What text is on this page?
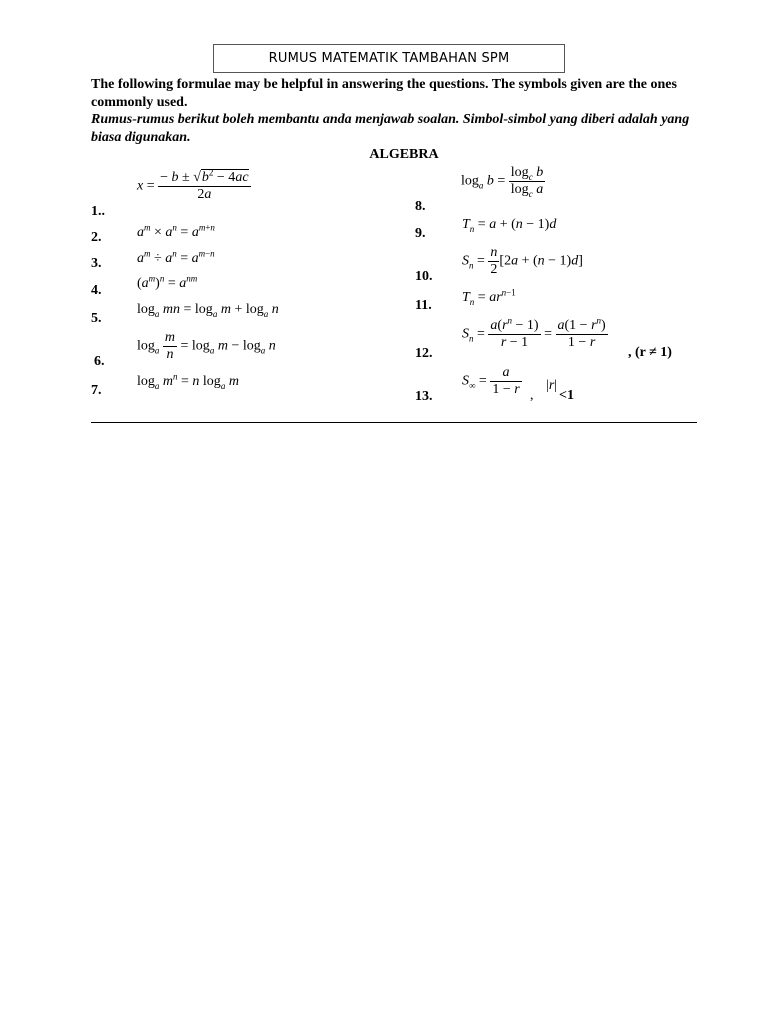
RUMUS MATEMATIK TAMBAHAN SPM
The following formulae may be helpful in answering the questions. The symbols given are the ones commonly used.
Rumus-rumus berikut boleh membantu anda menjawab soalan. Simbol-simbol yang diberi adalah yang biasa digunakan.
ALGEBRA
1..
2.
3.
4.
5.
6.
7.
8.
9.
10.
11.
12.
13.
$x = \frac{- b \pm √b^2 - 4ac}{2a}$
$a^m \times a^n = a^{m+n}$
$a^m \div a^n = a^{m-n}$
$(a^m)^n = a^{nm}$
$\log_a$ mn = $\log_a m + \log_a n$
$\log_a \frac{m}{n} = \log_a m - \log_a n$
$\log_a m^n = n$ $\log_a m$
$\log_a b = \frac{\log_c b}{\log_c a}$
$T_n = a + (n - 1)d$
$S_n = \frac{n}{2} [2a + (n - 1)d]$
$T_n = ar^{n-1}$
$S_n = \frac{a(r^n - 1)}{r - 1} = \frac{a(1 - r^n)}{1 - r}$
, (r ≠ 1)
$S_\infty = \frac{a}{1 - r}$ ,
|r|
<1
